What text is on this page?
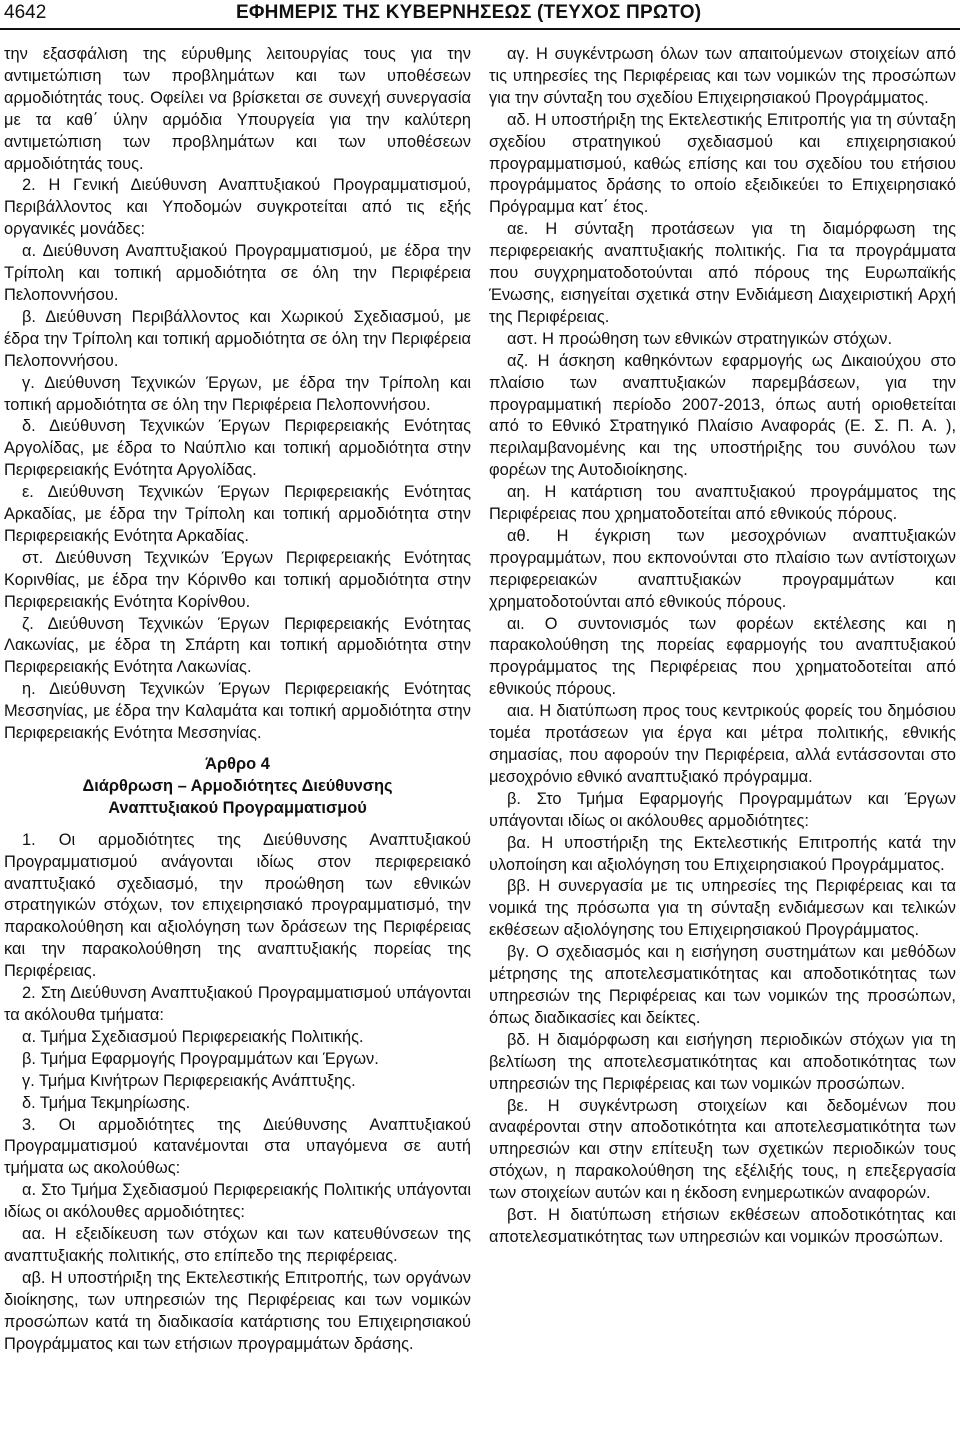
4642	ΕΦΗΜΕΡΙΣ ΤΗΣ ΚΥΒΕΡΝΗΣΕΩΣ (ΤΕΥΧΟΣ ΠΡΩΤΟ)

την εξασφάλιση της εύρυθμης λειτουργίας τους για την αντιμετώπιση των προβλημάτων και των υποθέσεων αρμοδιότητάς τους. Οφείλει να βρίσκεται σε συνεχή συνεργασία με τα καθ΄ ύλην αρμόδια Υπουργεία για την καλύτερη αντιμετώπιση των προβλημάτων και των υποθέσεων αρμοδιότητάς τους.

2. Η Γενική Διεύθυνση Αναπτυξιακού Προγραμματισμού, Περιβάλλοντος και Υποδομών συγκροτείται από τις εξής οργανικές μονάδες:

α. Διεύθυνση Αναπτυξιακού Προγραμματισμού, με έδρα την Τρίπολη και τοπική αρμοδιότητα σε όλη την Περιφέρεια Πελοποννήσου.

β. Διεύθυνση Περιβάλλοντος και Χωρικού Σχεδιασμού, με έδρα την Τρίπολη και τοπική αρμοδιότητα σε όλη την Περιφέρεια Πελοποννήσου.

γ. Διεύθυνση Τεχνικών Έργων, με έδρα την Τρίπολη και τοπική αρμοδιότητα σε όλη την Περιφέρεια Πελοποννήσου.

δ. Διεύθυνση Τεχνικών Έργων Περιφερειακής Ενότητας Αργολίδας, με έδρα το Ναύπλιο και τοπική αρμοδιότητα στην Περιφερειακής Ενότητα Αργολίδας.

ε. Διεύθυνση Τεχνικών Έργων Περιφερειακής Ενότητας Αρκαδίας, με έδρα την Τρίπολη και τοπική αρμοδιότητα στην Περιφερειακής Ενότητα Αρκαδίας.

στ. Διεύθυνση Τεχνικών Έργων Περιφερειακής Ενότητας Κορινθίας, με έδρα την Κόρινθο και τοπική αρμοδιότητα στην Περιφερειακής Ενότητα Κορίνθου.

ζ. Διεύθυνση Τεχνικών Έργων Περιφερειακής Ενότητας Λακωνίας, με έδρα τη Σπάρτη και τοπική αρμοδιότητα στην Περιφερειακής Ενότητα Λακωνίας.

η. Διεύθυνση Τεχνικών Έργων Περιφερειακής Ενότητας Μεσσηνίας, με έδρα την Καλαμάτα και τοπική αρμοδιότητα στην Περιφερειακής Ενότητα Μεσσηνίας.

Άρθρο 4
Διάρθρωση – Αρμοδιότητες Διεύθυνσης
Αναπτυξιακού Προγραμματισμού

1. Οι αρμοδιότητες της Διεύθυνσης Αναπτυξιακού Προγραμματισμού ανάγονται ιδίως στον περιφερειακό αναπτυξιακό σχεδιασμό, την προώθηση των εθνικών στρατηγικών στόχων, τον επιχειρησιακό προγραμματισμό, την παρακολούθηση και αξιολόγηση των δράσεων της Περιφέρειας και την παρακολούθηση της αναπτυξιακής πορείας της Περιφέρειας.

2. Στη Διεύθυνση Αναπτυξιακού Προγραμματισμού υπάγονται τα ακόλουθα τμήματα:

α. Τμήμα Σχεδιασμού Περιφερειακής Πολιτικής.

β. Τμήμα Εφαρμογής Προγραμμάτων και Έργων.

γ. Τμήμα Κινήτρων Περιφερειακής Ανάπτυξης.

δ. Τμήμα Τεκμηρίωσης.

3. Οι αρμοδιότητες της Διεύθυνσης Αναπτυξιακού Προγραμματισμού κατανέμονται στα υπαγόμενα σε αυτή τμήματα ως ακολούθως:

α. Στο Τμήμα Σχεδιασμού Περιφερειακής Πολιτικής υπάγονται ιδίως οι ακόλουθες αρμοδιότητες:

αα. Η εξειδίκευση των στόχων και των κατευθύνσεων της αναπτυξιακής πολιτικής, στο επίπεδο της περιφέρειας.

αβ. Η υποστήριξη της Εκτελεστικής Επιτροπής, των οργάνων διοίκησης, των υπηρεσιών της Περιφέρειας και των νομικών προσώπων κατά τη διαδικασία κατάρτισης του Επιχειρησιακού Προγράμματος και των ετήσιων προγραμμάτων δράσης.

αγ. Η συγκέντρωση όλων των απαιτούμενων στοιχείων από τις υπηρεσίες της Περιφέρειας και των νομικών της προσώπων για την σύνταξη του σχεδίου Επιχειρησιακού Προγράμματος.

αδ. Η υποστήριξη της Εκτελεστικής Επιτροπής για τη σύνταξη σχεδίου στρατηγικού σχεδιασμού και επιχειρησιακού προγραμματισμού, καθώς επίσης και του σχεδίου του ετήσιου προγράμματος δράσης το οποίο εξειδικεύει το Επιχειρησιακό Πρόγραμμα κατ΄ έτος.

αε. Η σύνταξη προτάσεων για τη διαμόρφωση της περιφερειακής αναπτυξιακής πολιτικής. Για τα προγράμματα που συγχρηματοδοτούνται από πόρους της Ευρωπαϊκής Ένωσης, εισηγείται σχετικά στην Ενδιάμεση Διαχειριστική Αρχή της Περιφέρειας.

αστ. Η προώθηση των εθνικών στρατηγικών στόχων.

αζ. Η άσκηση καθηκόντων εφαρμογής ως Δικαιούχου στο πλαίσιο των αναπτυξιακών παρεμβάσεων, για την προγραμματική περίοδο 2007-2013, όπως αυτή οριοθετείται από το Εθνικό Στρατηγικό Πλαίσιο Αναφοράς (Ε. Σ. Π. Α. ), περιλαμβανομένης και της υποστήριξης του συνόλου των φορέων της Αυτοδιοίκησης.

αη. Η κατάρτιση του αναπτυξιακού προγράμματος της Περιφέρειας που χρηματοδοτείται από εθνικούς πόρους.

αθ. Η έγκριση των μεσοχρόνιων αναπτυξιακών προγραμμάτων, που εκπονούνται στο πλαίσιο των αντίστοιχων περιφερειακών αναπτυξιακών προγραμμάτων και χρηματοδοτούνται από εθνικούς πόρους.

αι. Ο συντονισμός των φορέων εκτέλεσης και η παρακολούθηση της πορείας εφαρμογής του αναπτυξιακού προγράμματος της Περιφέρειας που χρηματοδοτείται από εθνικούς πόρους.

αια. Η διατύπωση προς τους κεντρικούς φορείς του δημόσιου τομέα προτάσεων για έργα και μέτρα πολιτικής, εθνικής σημασίας, που αφορούν την Περιφέρεια, αλλά εντάσσονται στο μεσοχρόνιο εθνικό αναπτυξιακό πρόγραμμα.

β. Στο Τμήμα Εφαρμογής Προγραμμάτων και Έργων υπάγονται ιδίως οι ακόλουθες αρμοδιότητες:

βα. Η υποστήριξη της Εκτελεστικής Επιτροπής κατά την υλοποίηση και αξιολόγηση του Επιχειρησιακού Προγράμματος.

ββ. Η συνεργασία με τις υπηρεσίες της Περιφέρειας και τα νομικά της πρόσωπα για τη σύνταξη ενδιάμεσων και τελικών εκθέσεων αξιολόγησης του Επιχειρησιακού Προγράμματος.

βγ. Ο σχεδιασμός και η εισήγηση συστημάτων και μεθόδων μέτρησης της αποτελεσματικότητας και αποδοτικότητας των υπηρεσιών της Περιφέρειας και των νομικών της προσώπων, όπως διαδικασίες και δείκτες.

βδ. Η διαμόρφωση και εισήγηση περιοδικών στόχων για τη βελτίωση της αποτελεσματικότητας και αποδοτικότητας των υπηρεσιών της Περιφέρειας και των νομικών προσώπων.

βε. Η συγκέντρωση στοιχείων και δεδομένων που αναφέρονται στην αποδοτικότητα και αποτελεσματικότητα των υπηρεσιών και στην επίτευξη των σχετικών περιοδικών τους στόχων, η παρακολούθηση της εξέλιξής τους, η επεξεργασία των στοιχείων αυτών και η έκδοση ενημερωτικών αναφορών.

βστ. Η διατύπωση ετήσιων εκθέσεων αποδοτικότητας και αποτελεσματικότητας των υπηρεσιών και νομικών προσώπων.
